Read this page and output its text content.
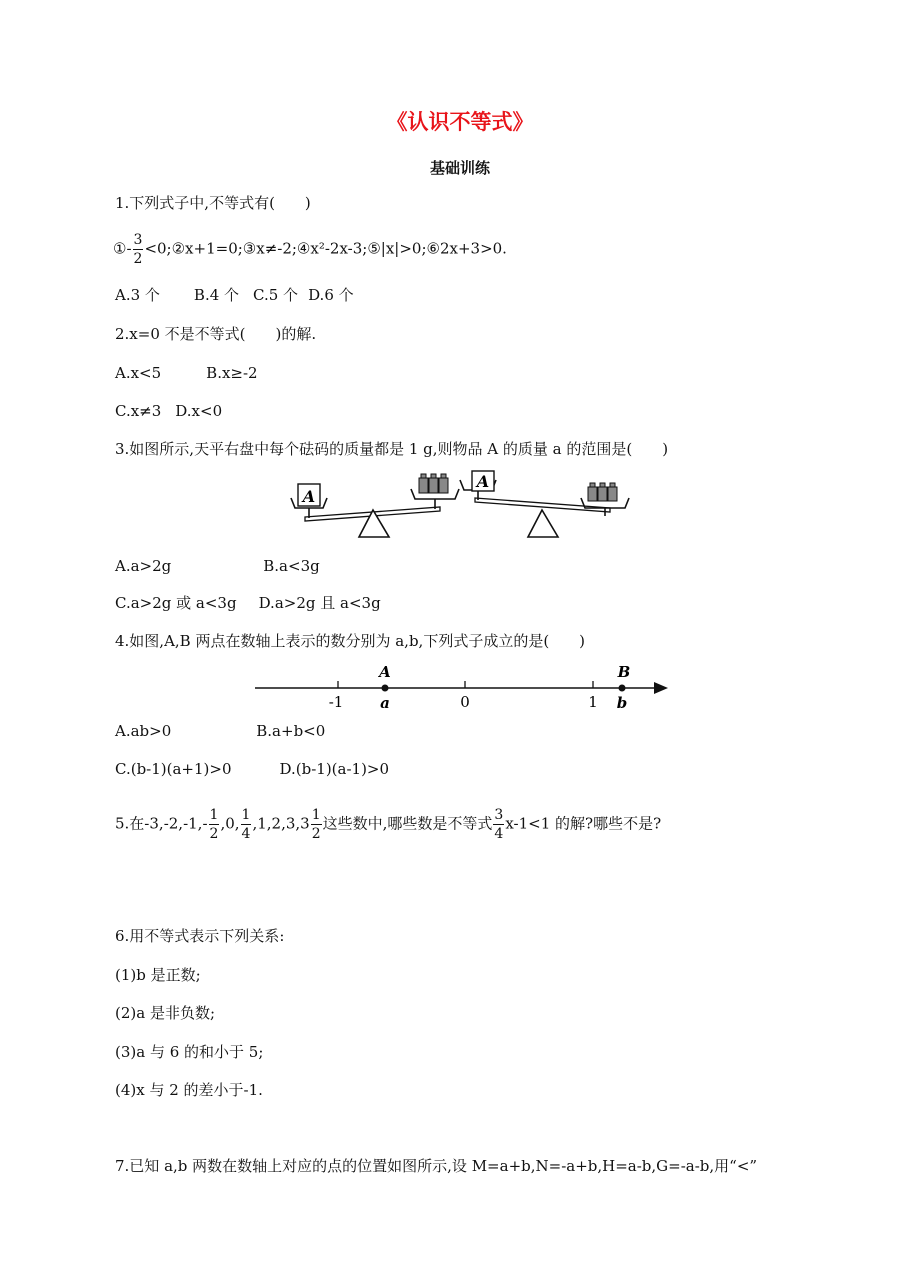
《认识不等式》
基础训练
1.下列式子中,不等式有(　　)
①- $\frac{3}{2}$ <0;②x+1=0;③x≠-2;④x²-2x-3;⑤|x|>0;⑥2x+3>0.
A.3 个 B.4 个 C.5 个 D.6 个
2.x=0 不是不等式(　　)的解.
A.x<5	B.x≥-2
C.x≠3 D.x<0
3.如图所示,天平右盘中每个砝码的质量都是 1 g,则物品 A 的质量 a 的范围是(　　)
A
A
A.a>2g	B.a<3g
C.a>2g 或 a<3g D.a>2g 且 a<3g
4.如图,A,B 两点在数轴上表示的数分别为 a,b,下列式子成立的是(　　)
A	B
-1 a	0	1 b
A.ab>0	B.a+b<0
C.(b-1)(a+1)>0	D.(b-1)(a-1)>0
5.在$-3,-2,-1,- \frac{1}{2} ,0$, $\frac{1}{4} ,1,2,3,3 \frac{1}{2}$ 这些数中,哪些数是不等式 $\frac{3}{4} x-1<1$ 的解?哪些不是?
6.用不等式表示下列关系:
(1)b 是正数;
(2)a 是非负数;
(3)a 与 6 的和小于 5;
(4)x 与 2 的差小于-1.
7.已知 a,b 两数在数轴上对应的点的位置如图所示,设 M=a+b,N=-a+b,H=a-b,G=-a-b,用“<”
